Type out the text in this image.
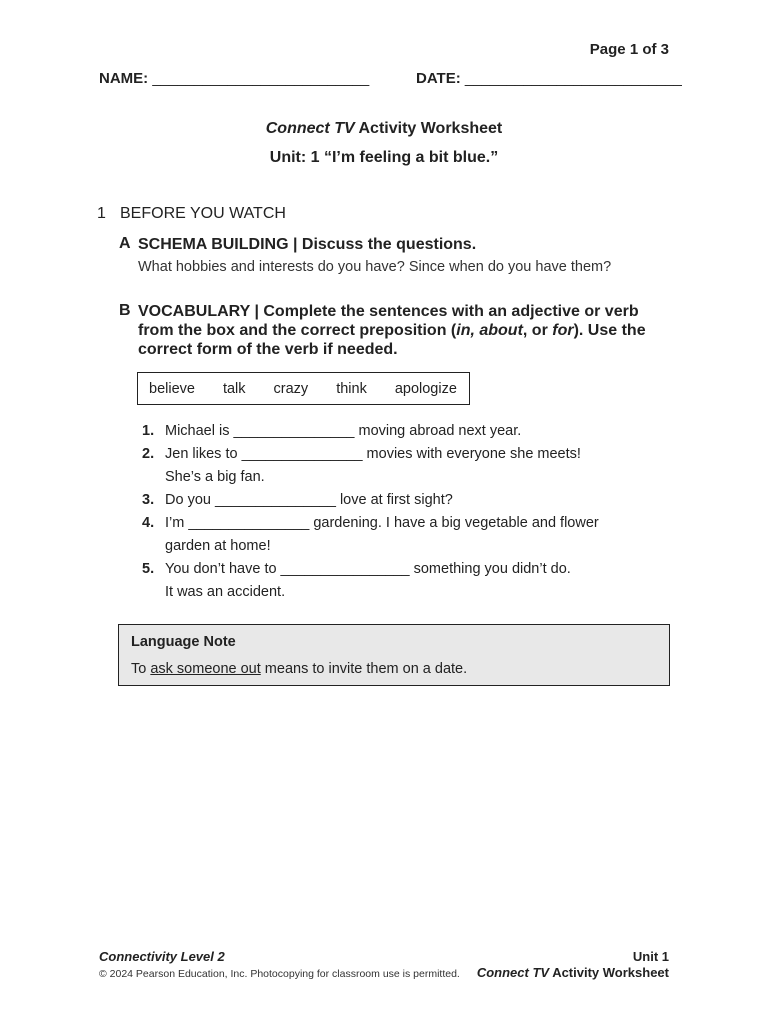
Page 1 of 3
NAME: __________________________	DATE: __________________________
Connect TV Activity Worksheet
Unit: 1 “I’m feeling a bit blue.”
1 BEFORE YOU WATCH
A SCHEMA BUILDING | Discuss the questions.
What hobbies and interests do you have? Since when do you have them?
B VOCABULARY | Complete the sentences with an adjective or verb from the box and the correct preposition (in, about, or for). Use the correct form of the verb if needed.
believe talk crazy think apologize
1. Michael is _______________ moving abroad next year.
2. Jen likes to _______________ movies with everyone she meets!
She’s a big fan.
3. Do you _______________ love at first sight?
4. I’m _______________ gardening. I have a big vegetable and flower
garden at home!
5. You don’t have to ________________ something you didn’t do.
It was an accident.
Language Note
To ask someone out means to invite them on a date.
Connectivity Level 2
© 2024 Pearson Education, Inc. Photocopying for classroom use is permitted.
Unit 1
Connect TV Activity Worksheet
